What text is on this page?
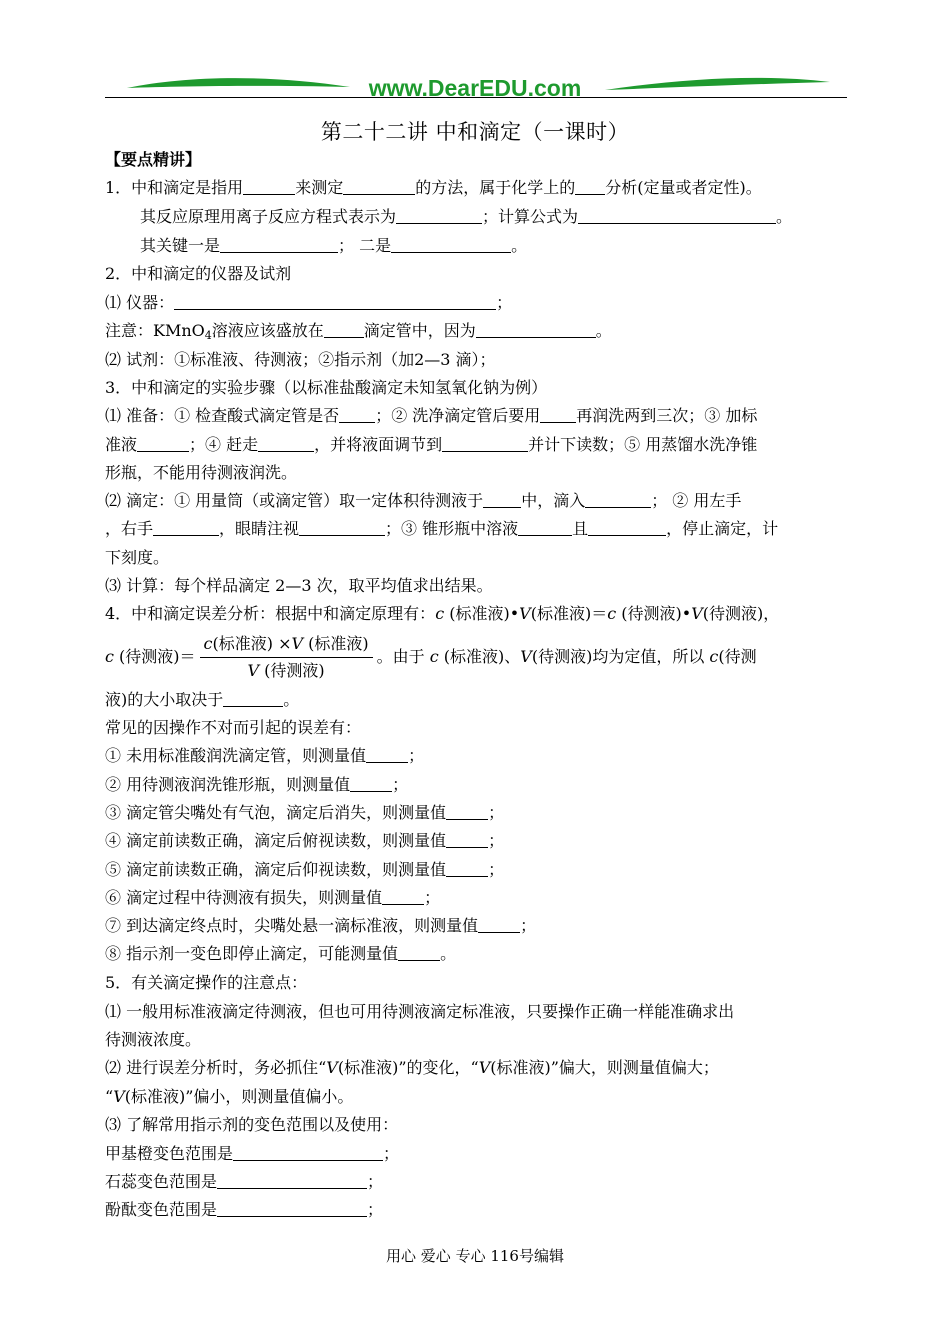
www.DearEDU.com
第二十二讲 中和滴定（一课时）
【要点精讲】
1．中和滴定是指用	来测定	的方法，属于化学上的 分析(定量或者定性)。
其反应原理用离子反应方程式表示为	；计算公式为	。
其关键一是	； 二是	。
2．中和滴定的仪器及试剂
⑴ 仪器：	；
注意：KMnO$_4$溶液应该盛放在	滴定管中，因为	。
⑵ 试剂：①标准液、待测液；②指示剂（加2—3 滴）；
3．中和滴定的实验步骤（以标准盐酸滴定未知氢氧化钠为例）
⑴ 准备：① 检查酸式滴定管是否 ；② 洗净滴定管后要用 再润洗两到三次；③ 加标
准液	；④ 赶走	，并将液面调节到	并计下读数；⑤ 用蒸馏水洗净锥
形瓶，不能用待测液润洗。
⑵ 滴定：① 用量筒（或滴定管）取一定体积待测液于 中，滴入	； ② 用左手
，右手	，眼睛注视	；③ 锥形瓶中溶液	且	，停止滴定，计
下刻度。
⑶ 计算：每个样品滴定 2—3 次，取平均值求出结果。
4．中和滴定误差分析：根据中和滴定原理有：c (标准液)•V(标准液)＝c (待测液)•V(待测液)，
c (待测液)＝ $\frac{\text{c(标准液) ×V (标准液)}}{\text{V (待测液)}}$ 。由于 c (标准液)、V(待测液)均为定值，所以 c(待测
液)的大小取决于	。
常见的因操作不对而引起的误差有：
① 未用标准酸润洗滴定管，则测量值	；
② 用待测液润洗锥形瓶，则测量值	；
③ 滴定管尖嘴处有气泡，滴定后消失，则测量值	；
④ 滴定前读数正确，滴定后俯视读数，则测量值	；
⑤ 滴定前读数正确，滴定后仰视读数，则测量值	；
⑥ 滴定过程中待测液有损失，则测量值	；
⑦ 到达滴定终点时，尖嘴处悬一滴标准液，则测量值	；
⑧ 指示剂一变色即停止滴定，可能测量值	。
5．有关滴定操作的注意点：
⑴ 一般用标准液滴定待测液，但也可用待测液滴定标准液，只要操作正确一样能准确求出
待测液浓度。
⑵ 进行误差分析时，务必抓住“V(标准液)”的变化，“V(标准液)”偏大，则测量值偏大；
“V(标准液)”偏小，则测量值偏小。
⑶ 了解常用指示剂的变色范围以及使用：
甲基橙变色范围是	；
石蕊变色范围是	；
酚酞变色范围是	；
用心 爱心 专心 116号编辑
